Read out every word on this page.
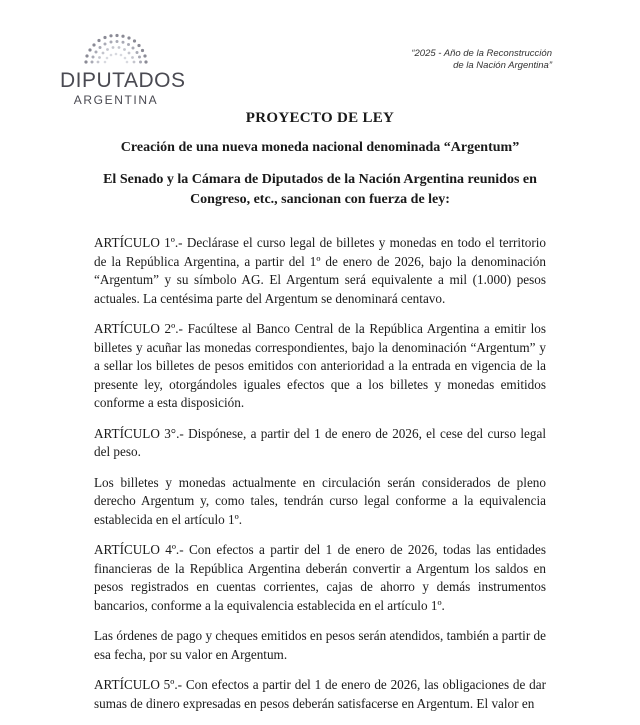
DIPUTADOS
ARGENTINA
“2025 - Año de la Reconstrucción
de la Nación Argentina”

PROYECTO DE LEY

Creación de una nueva moneda nacional denominada “Argentum”

El Senado y la Cámara de Diputados de la Nación Argentina reunidos en Congreso, etc., sancionan con fuerza de ley:

ARTÍCULO 1º.- Declárase el curso legal de billetes y monedas en todo el territorio de la República Argentina, a partir del 1º de enero de 2026, bajo la denominación “Argentum” y su símbolo AG. El Argentum será equivalente a mil (1.000) pesos actuales. La centésima parte del Argentum se denominará centavo.

ARTÍCULO 2º.- Facúltese al Banco Central de la República Argentina a emitir los billetes y acuñar las monedas correspondientes, bajo la denominación “Argentum” y a sellar los billetes de pesos emitidos con anterioridad a la entrada en vigencia de la presente ley, otorgándoles iguales efectos que a los billetes y monedas emitidos conforme a esta disposición.

ARTÍCULO 3°.- Dispónese, a partir del 1 de enero de 2026, el cese del curso legal del peso.

Los billetes y monedas actualmente en circulación serán considerados de pleno derecho Argentum y, como tales, tendrán curso legal conforme a la equivalencia establecida en el artículo 1º.

ARTÍCULO 4º.- Con efectos a partir del 1 de enero de 2026, todas las entidades financieras de la República Argentina deberán convertir a Argentum los saldos en pesos registrados en cuentas corrientes, cajas de ahorro y demás instrumentos bancarios, conforme a la equivalencia establecida en el artículo 1º.

Las órdenes de pago y cheques emitidos en pesos serán atendidos, también a partir de esa fecha, por su valor en Argentum.

ARTÍCULO 5º.- Con efectos a partir del 1 de enero de 2026, las obligaciones de dar sumas de dinero expresadas en pesos deberán satisfacerse en Argentum. El valor en
